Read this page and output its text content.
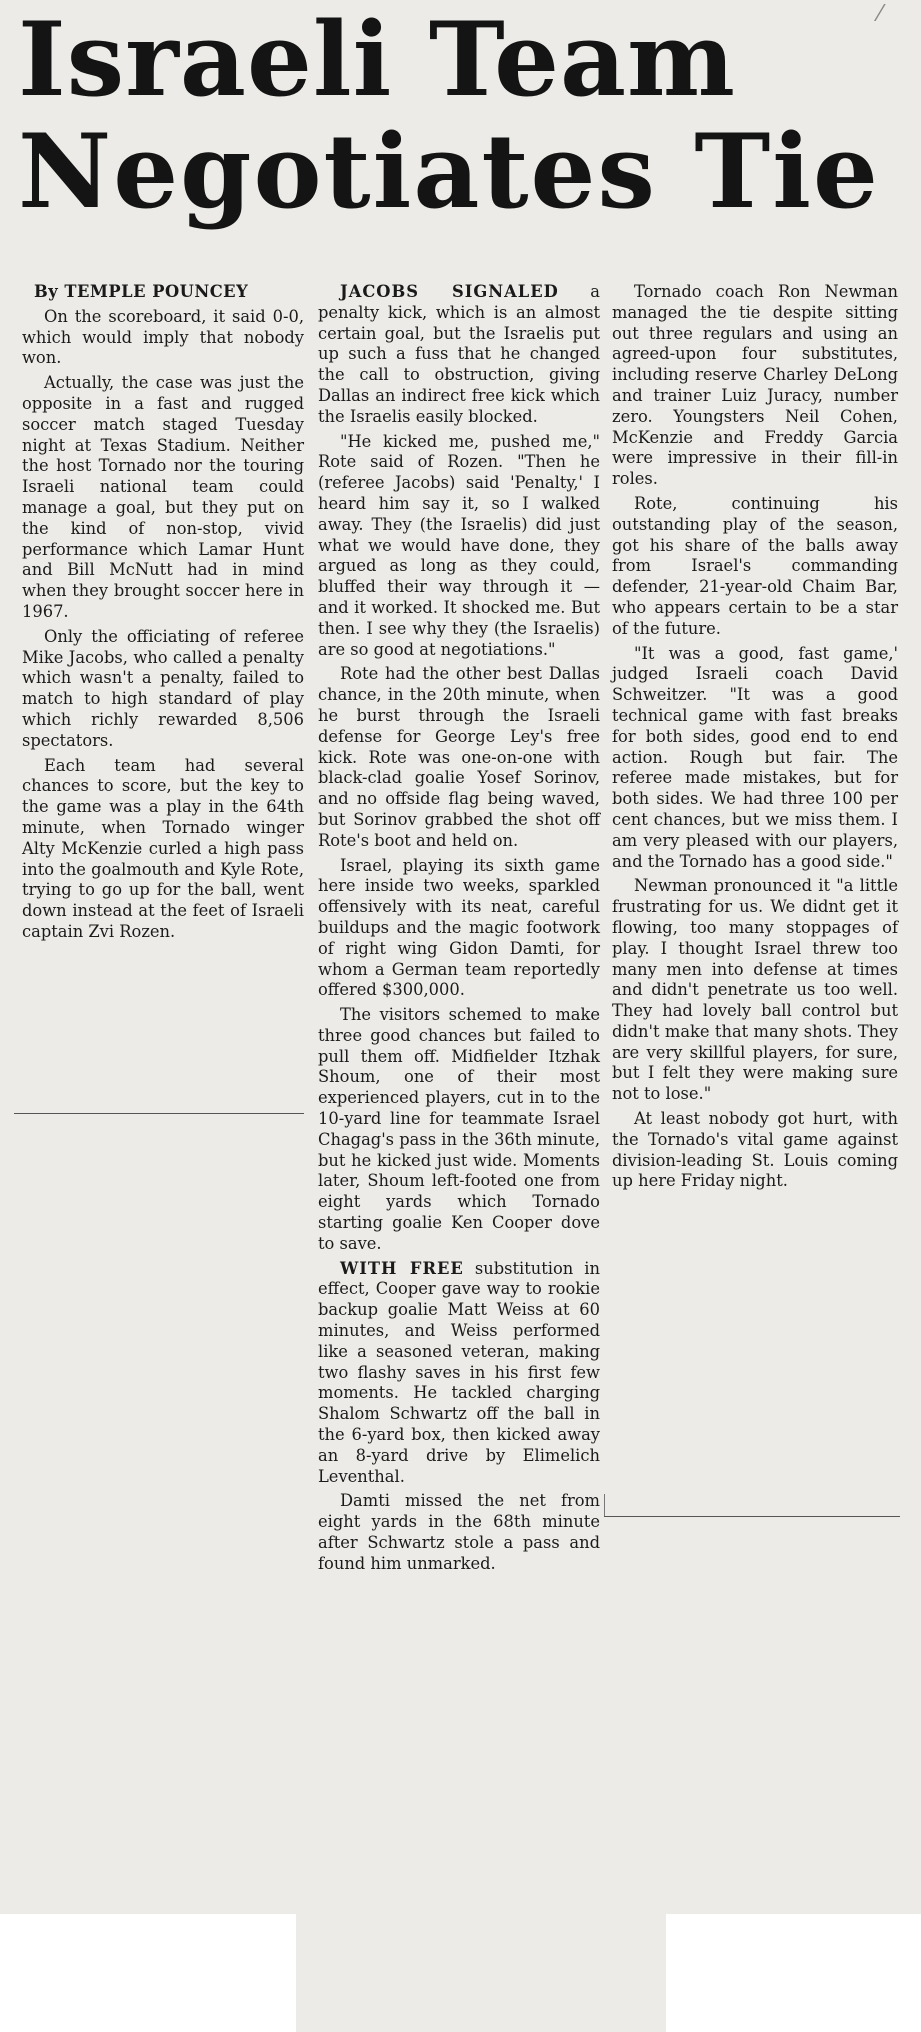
⁄
Israeli Team
Negotiates Tie

By TEMPLE POUNCEY

On the scoreboard, it said 0-0, which would imply that nobody won.

Actually, the case was just the opposite in a fast and rugged soccer match staged Tuesday night at Texas Stadium. Neither the host Tornado nor the touring Israeli national team could manage a goal, but they put on the kind of non-stop, vivid performance which Lamar Hunt and Bill McNutt had in mind when they brought soccer here in 1967.

Only the officiating of referee Mike Jacobs, who called a penalty which wasn't a penalty, failed to match to high standard of play which richly rewarded 8,506 spectators.

Each team had several chances to score, but the key to the game was a play in the 64th minute, when Tornado winger Alty McKenzie curled a high pass into the goalmouth and Kyle Rote, trying to go up for the ball, went down instead at the feet of Israeli captain Zvi Rozen.

JACOBS SIGNALED a penalty kick, which is an almost certain goal, but the Israelis put up such a fuss that he changed the call to obstruction, giving Dallas an indirect free kick which the Israelis easily blocked.

"He kicked me, pushed me," Rote said of Rozen. "Then he (referee Jacobs) said 'Penalty,' I heard him say it, so I walked away. They (the Israelis) did just what we would have done, they argued as long as they could, bluffed their way through it — and it worked. It shocked me. But then. I see why they (the Israelis) are so good at negotiations."

Rote had the other best Dallas chance, in the 20th minute, when he burst through the Israeli defense for George Ley's free kick. Rote was one-on-one with black-clad goalie Yosef Sorinov, and no offside flag being waved, but Sorinov grabbed the shot off Rote's boot and held on.

Israel, playing its sixth game here inside two weeks, sparkled offensively with its neat, careful buildups and the magic footwork of right wing Gidon Damti, for whom a German team reportedly offered $300,000.

The visitors schemed to make three good chances but failed to pull them off. Midfielder Itzhak Shoum, one of their most experienced players, cut in to the 10-yard line for teammate Israel Chagag's pass in the 36th minute, but he kicked just wide. Moments later, Shoum left-footed one from eight yards which Tornado starting goalie Ken Cooper dove to save.

WITH FREE substitution in effect, Cooper gave way to rookie backup goalie Matt Weiss at 60 minutes, and Weiss performed like a seasoned veteran, making two flashy saves in his first few moments. He tackled charging Shalom Schwartz off the ball in the 6-yard box, then kicked away an 8-yard drive by Elimelich Leventhal.

Damti missed the net from eight yards in the 68th minute after Schwartz stole a pass and found him unmarked.

Tornado coach Ron Newman managed the tie despite sitting out three regulars and using an agreed-upon four substitutes, including reserve Charley DeLong and trainer Luiz Juracy, number zero. Youngsters Neil Cohen, McKenzie and Freddy Garcia were impressive in their fill-in roles.

Rote, continuing his outstanding play of the season, got his share of the balls away from Israel's commanding defender, 21-year-old Chaim Bar, who appears certain to be a star of the future.

"It was a good, fast game,' judged Israeli coach David Schweitzer. "It was a good technical game with fast breaks for both sides, good end to end action. Rough but fair. The referee made mistakes, but for both sides. We had three 100 per cent chances, but we miss them. I am very pleased with our players, and the Tornado has a good side."

Newman pronounced it "a little frustrating for us. We didnt get it flowing, too many stoppages of play. I thought Israel threw too many men into defense at times and didn't penetrate us too well. They had lovely ball control but didn't make that many shots. They are very skillful players, for sure, but I felt they were making sure not to lose."

At least nobody got hurt, with the Tornado's vital game against division-leading St. Louis coming up here Friday night.
